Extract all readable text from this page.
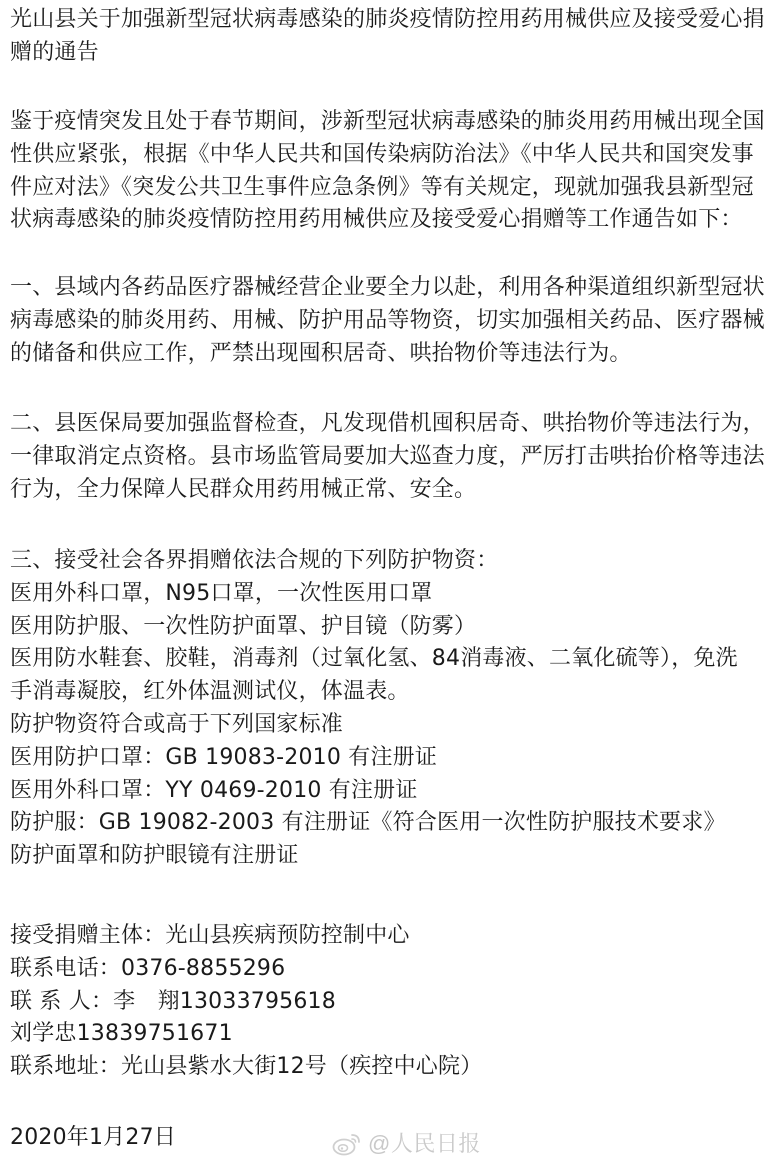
光山县关于加强新型冠状病毒感染的肺炎疫情防控用药用械供应及接受爱心捐
赠的通告
鉴于疫情突发且处于春节期间，涉新型冠状病毒感染的肺炎用药用械出现全国
性供应紧张，根据《中华人民共和国传染病防治法》《中华人民共和国突发事
件应对法》《突发公共卫生事件应急条例》等有关规定，现就加强我县新型冠
状病毒感染的肺炎疫情防控用药用械供应及接受爱心捐赠等工作通告如下：
一、县域内各药品医疗器械经营企业要全力以赴，利用各种渠道组织新型冠状
病毒感染的肺炎用药、用械、防护用品等物资，切实加强相关药品、医疗器械
的储备和供应工作，严禁出现囤积居奇、哄抬物价等违法行为。
二、县医保局要加强监督检查，凡发现借机囤积居奇、哄抬物价等违法行为，
一律取消定点资格。县市场监管局要加大巡查力度，严厉打击哄抬价格等违法
行为，全力保障人民群众用药用械正常、安全。
三、接受社会各界捐赠依法合规的下列防护物资：
医用外科口罩，N95口罩，一次性医用口罩
医用防护服、一次性防护面罩、护目镜（防雾）
医用防水鞋套、胶鞋，消毒剂（过氧化氢、84消毒液、二氧化硫等），免洗
手消毒凝胶，红外体温测试仪，体温表。
防护物资符合或高于下列国家标准
医用防护口罩：GB 19083-2010 有注册证
医用外科口罩：YY 0469-2010 有注册证
防护服：GB 19082-2003 有注册证《符合医用一次性防护服技术要求》
防护面罩和防护眼镜有注册证
接受捐赠主体：光山县疾病预防控制中心
联系电话：0376-8855296
联 系 人：李　翔13033795618
刘学忠13839751671
联系地址：光山县紫水大街12号（疾控中心院）
2020年1月27日	@人民日报
